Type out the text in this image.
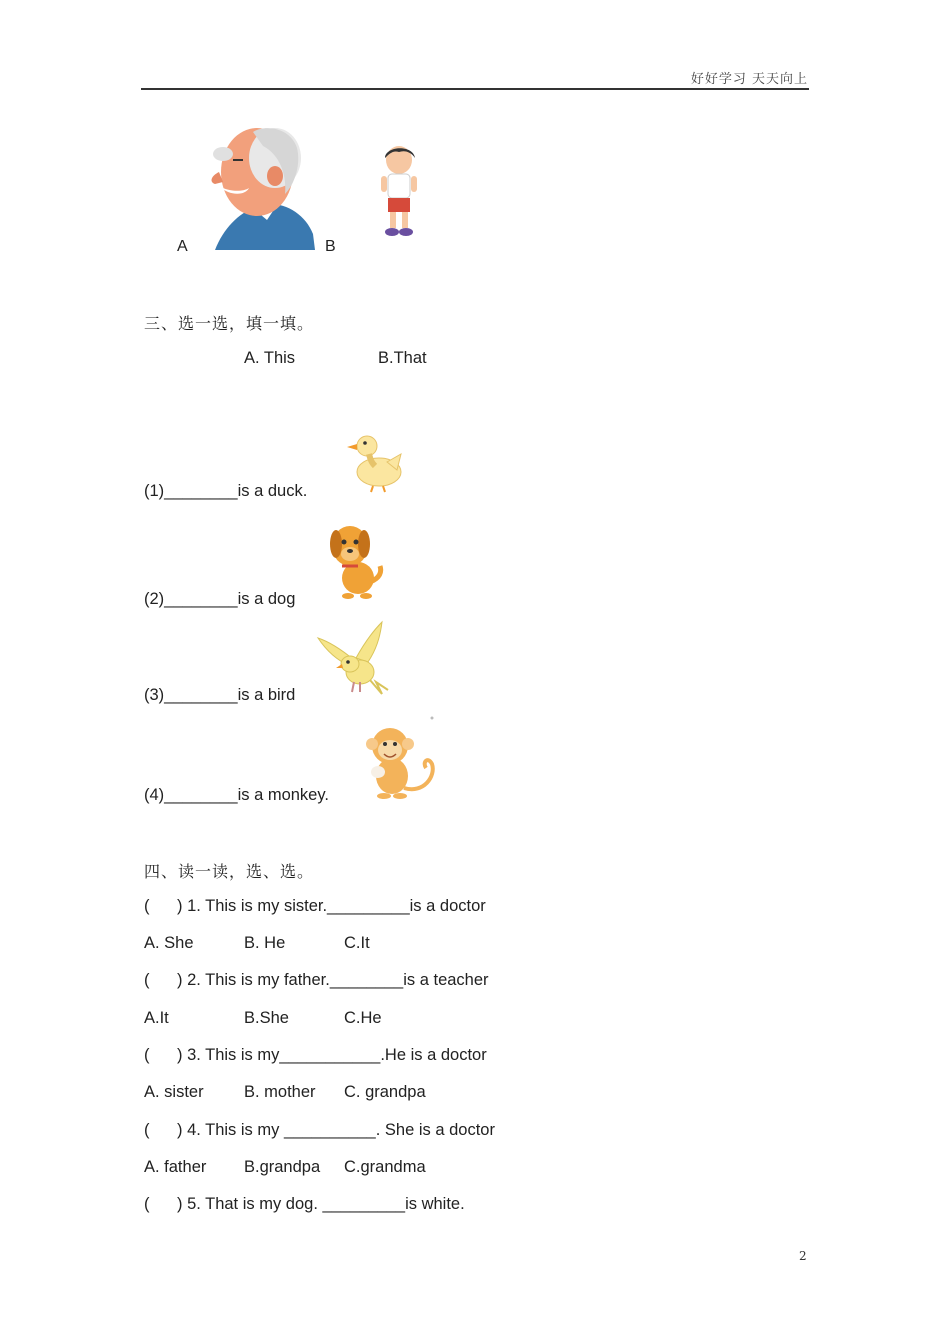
好好学习 天天向上
A	B
三、选一选，填一填。
A. This	B.That
(1)________is a duck.
(2)________is a dog
(3)________is a bird
(4)________is a monkey.
四、读一读，选、选。
(      ) 1. This is my sister._________is a doctor
A. She	B. He	C.It
(      ) 2. This is my father.________is a teacher
A.It	B.She	C.He
(      ) 3. This is my___________.He is a doctor
A. sister B. mother C. grandpa
(      ) 4. This is my __________. She is a doctor
A. father B.grandpa C.grandma
(      ) 5. That is my dog. _________is white.
2
